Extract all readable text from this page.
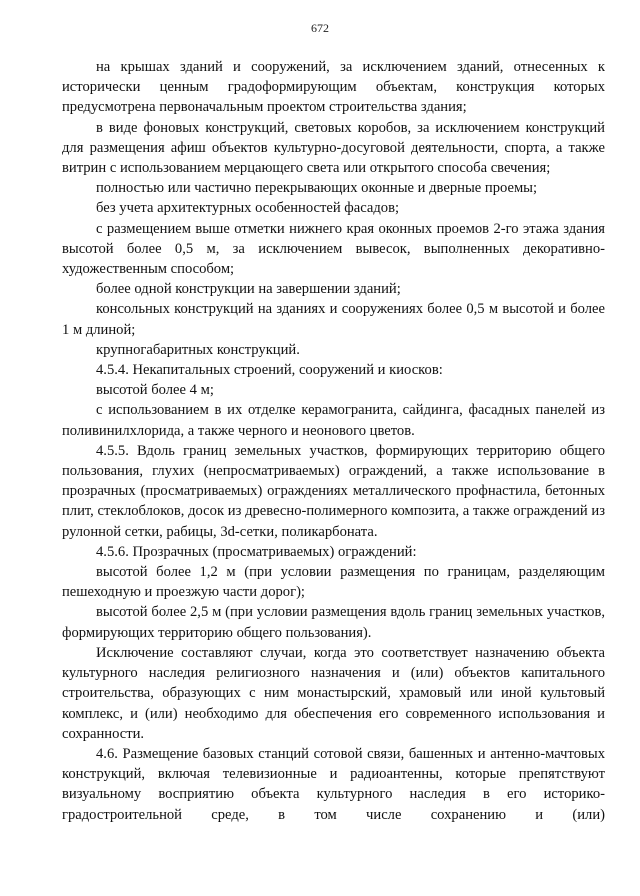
672

на крышах зданий и сооружений, за исключением зданий, отнесенных к исторически ценным градоформирующим объектам, конструкция которых предусмотрена первоначальным проектом строительства здания;

в виде фоновых конструкций, световых коробов, за исключением конструкций для размещения афиш объектов культурно-досуговой деятельности, спорта, а также витрин с использованием мерцающего света или открытого способа свечения;

полностью или частично перекрывающих оконные и дверные проемы;

без учета архитектурных особенностей фасадов;

с размещением выше отметки нижнего края оконных проемов 2-го этажа здания высотой более 0,5 м, за исключением вывесок, выполненных декоративно-художественным способом;

более одной конструкции на завершении зданий;

консольных конструкций на зданиях и сооружениях более 0,5 м высотой и более 1 м длиной;

крупногабаритных конструкций.

4.5.4. Некапитальных строений, сооружений и киосков:

высотой более 4 м;

с использованием в их отделке керамогранита, сайдинга, фасадных панелей из поливинилхлорида, а также черного и неонового цветов.

4.5.5. Вдоль границ земельных участков, формирующих территорию общего пользования, глухих (непросматриваемых) ограждений, а также использование в прозрачных (просматриваемых) ограждениях металлического профнастила, бетонных плит, стеклоблоков, досок из древесно-полимерного композита, а также ограждений из рулонной сетки, рабицы, 3d-сетки, поликарбоната.

4.5.6. Прозрачных (просматриваемых) ограждений:

высотой более 1,2 м (при условии размещения по границам, разделяющим пешеходную и проезжую части дорог);

высотой более 2,5 м (при условии размещения вдоль границ земельных участков, формирующих территорию общего пользования).

Исключение составляют случаи, когда это соответствует назначению объекта культурного наследия религиозного назначения и (или) объектов капитального строительства, образующих с ним монастырский, храмовый или иной культовый комплекс, и (или) необходимо для обеспечения его современного использования и сохранности.

4.6. Размещение базовых станций сотовой связи, башенных и антенно-мачтовых конструкций, включая телевизионные и радиоантенны, которые препятствуют визуальному восприятию объекта культурного наследия в его историко-градостроительной среде, в том числе сохранению и (или)
